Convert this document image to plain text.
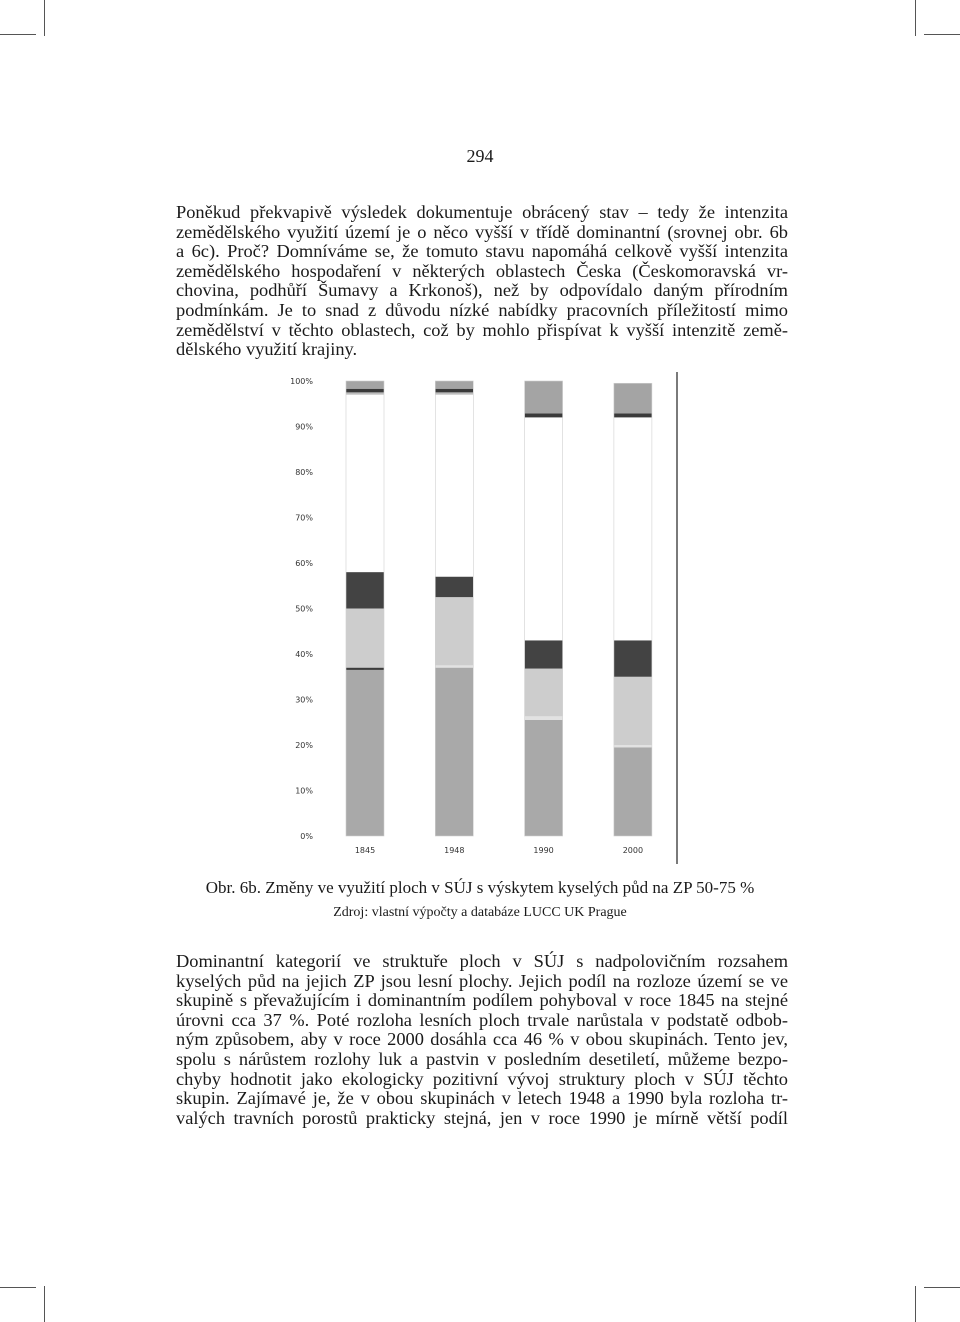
294

Poněkud překvapivě výsledek dokumentuje obrácený stav – tedy že intenzita
zemědělského využití území je o něco vyšší v třídě dominantní (srovnej obr. 6b
a 6c). Proč? Domníváme se, že tomuto stavu napomáhá celkově vyšší intenzita
zemědělského hospodaření v některých oblastech Česka (Českomoravská vr-
chovina, podhůří Šumavy a Krkonoš), než by odpovídalo daným přírodním
podmínkám. Je to snad z důvodu nízké nabídky pracovních příležitostí mimo
zemědělství v těchto oblastech, což by mohlo přispívat k vyšší intenzitě země-
dělského využití krajiny.

0%
10%
20%
30%
40%
50%
60%
70%
80%
90%
100%
1845	1948	1990	2000
Obr. 6b. Změny ve využití ploch v SÚJ s výskytem kyselých půd na ZP 50-75 %
Zdroj: vlastní výpočty a databáze LUCC UK Prague

Dominantní kategorií ve struktuře ploch v SÚJ s nadpolovičním rozsahem
kyselých půd na jejich ZP jsou lesní plochy. Jejich podíl na rozloze území se ve
skupině s převažujícím i dominantním podílem pohyboval v roce 1845 na stejné
úrovni cca 37 %. Poté rozloha lesních ploch trvale narůstala v podstatě odbob-
ným způsobem, aby v roce 2000 dosáhla cca 46 % v obou skupinách. Tento jev,
spolu s nárůstem rozlohy luk a pastvin v posledním desetiletí, můžeme bezpo-
chyby hodnotit jako ekologicky pozitivní vývoj struktury ploch v SÚJ těchto
skupin. Zajímavé je, že v obou skupinách v letech 1948 a 1990 byla rozloha tr-
valých travních porostů prakticky stejná, jen v roce 1990 je mírně větší podíl
